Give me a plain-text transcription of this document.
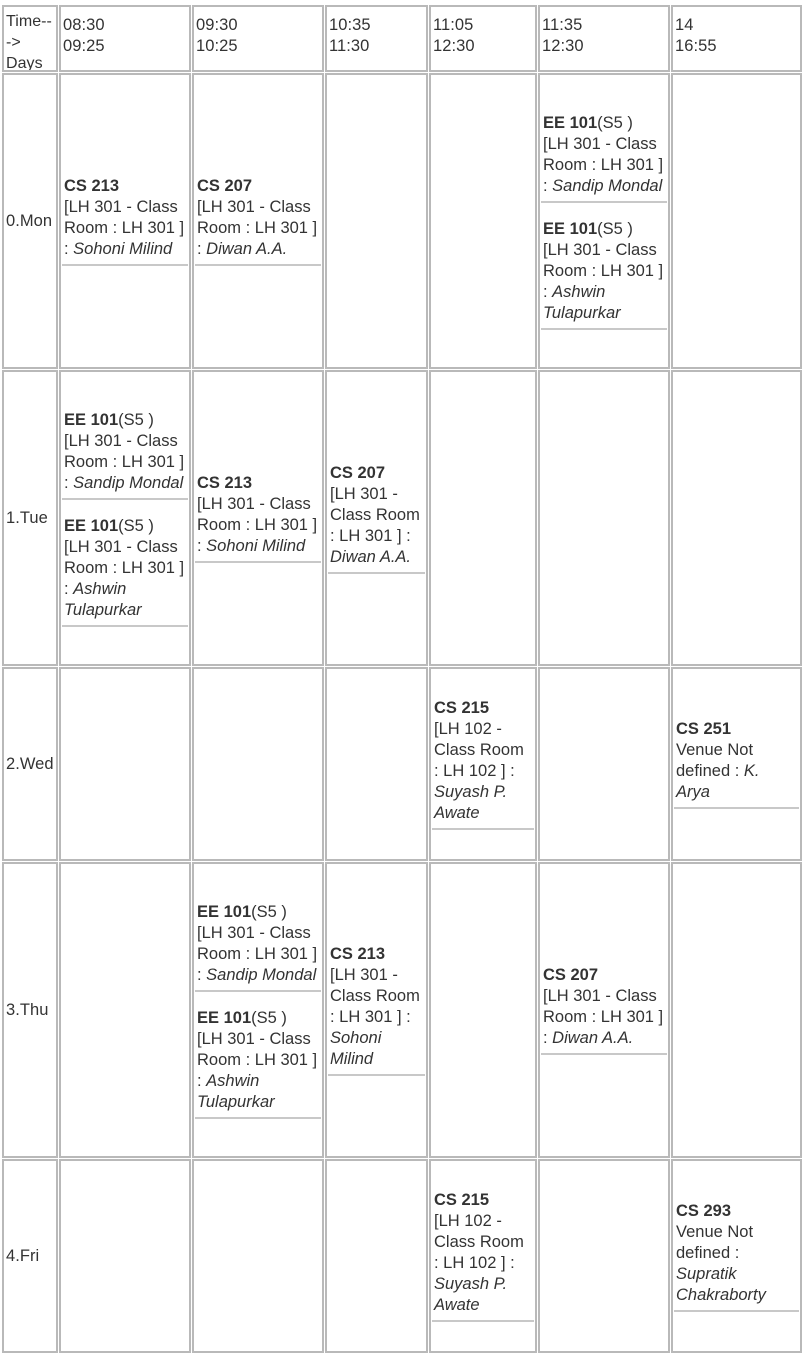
Time--
->
Days
08:30
09:25
09:30
10:25
10:35
11:30
11:05
12:30
11:35
12:30
14
16:55
0.Mon
CS 213
[LH 301 - Class
Room : LH 301 ]
: Sohoni Milind
CS 207
[LH 301 - Class
Room : LH 301 ]
: Diwan A.A.
EE 101(S5 )
[LH 301 - Class
Room : LH 301 ]
: Sandip Mondal
EE 101(S5 )
[LH 301 - Class
Room : LH 301 ]
: Ashwin
Tulapurkar
1.Tue
EE 101(S5 )
[LH 301 - Class
Room : LH 301 ]
: Sandip Mondal
EE 101(S5 )
[LH 301 - Class
Room : LH 301 ]
: Ashwin
Tulapurkar
CS 213
[LH 301 - Class
Room : LH 301 ]
: Sohoni Milind
CS 207
[LH 301 -
Class Room
: LH 301 ] :
Diwan A.A.
2.Wed
CS 215
[LH 102 -
Class Room
: LH 102 ] :
Suyash P.
Awate
CS 251
Venue Not
defined : K.
Arya
3.Thu
EE 101(S5 )
[LH 301 - Class
Room : LH 301 ]
: Sandip Mondal
EE 101(S5 )
[LH 301 - Class
Room : LH 301 ]
: Ashwin
Tulapurkar
CS 213
[LH 301 -
Class Room
: LH 301 ] :
Sohoni
Milind
CS 207
[LH 301 - Class
Room : LH 301 ]
: Diwan A.A.
4.Fri
CS 215
[LH 102 -
Class Room
: LH 102 ] :
Suyash P.
Awate
CS 293
Venue Not
defined :
Supratik
Chakraborty
